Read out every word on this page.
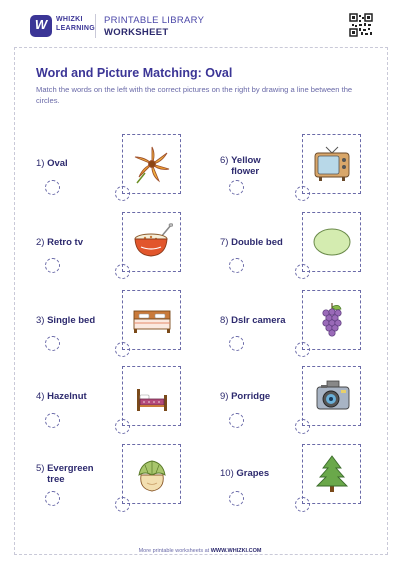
W	WHIZKI
LEARNING
PRINTABLE LIBRARY
WORKSHEET
Word and Picture Matching: Oval
Match the words on the left with the correct pictures on the right by drawing a line between the circles.
1) Oval
2) Retro tv
3) Single bed
4) Hazelnut
5) Evergreen tree
6) Yellow flower
7) Double bed
8) Dslr camera
9) Porridge
10) Grapes
More printable worksheets at WWW.WHIZKI.COM
